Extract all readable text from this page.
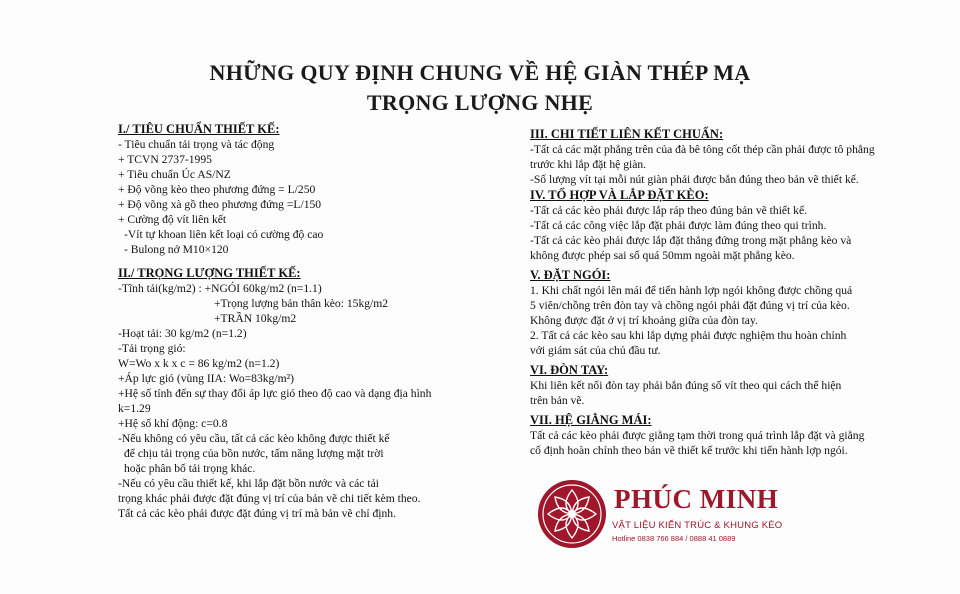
NHỮNG QUY ĐỊNH CHUNG VỀ HỆ GIÀN THÉP MẠ
TRỌNG LƯỢNG NHẸ
I./ TIÊU CHUẨN THIẾT KẾ:
- Tiêu chuẩn tải trọng và tác động
+ TCVN 2737-1995
+ Tiêu chuẩn Úc AS/NZ
+ Độ võng kèo theo phương đứng = L/250
+ Độ võng xà gồ theo phương đứng =L/150
+ Cường độ vít liên kết
-Vít tự khoan liên kết loại có cường độ cao
- Bulong nở M10×120
II./ TRỌNG LƯỢNG THIẾT KẾ:
-Tĩnh tải(kg/m2) : +NGÓI 60kg/m2 (n=1.1)
+Trọng lượng bản thân kèo: 15kg/m2
+TRẦN 10kg/m2
-Hoạt tải: 30 kg/m2 (n=1.2)
-Tải trọng gió:
W=Wo x k x c = 86 kg/m2 (n=1.2)
+Áp lực gió (vùng IIA: Wo=83kg/m²)
+Hệ số tính đến sự thay đổi áp lực gió theo độ cao và dạng địa hình
k=1.29
+Hệ số khí động: c=0.8
-Nếu không có yêu cầu, tất cả các kèo không được thiết kế
để chịu tải trọng của bồn nước, tấm năng lượng mặt trời
hoặc phân bố tải trọng khác.
-Nếu có yêu cầu thiết kế, khi lắp đặt bồn nước và các tải
trọng khác phải được đặt đúng vị trí của bản vẽ chi tiết kèm theo.
Tất cả các kèo phải được đặt đúng vị trí mà bản vẽ chỉ định.
III. CHI TIẾT LIÊN KẾT CHUẨN:
-Tất cả các mặt phẳng trên của đà bê tông cốt thép cần phải được tô phẳng
trước khi lắp đặt hệ giàn.
-Số lượng vít tại mỗi nút giàn phải được bắn đúng theo bản vẽ thiết kế.
IV. TỔ HỢP VÀ LẮP ĐẶT KÈO:
-Tất cả các kèo phải được lắp ráp theo đúng bản vẽ thiết kế.
-Tất cả các công việc lắp đặt phải được làm đúng theo qui trình.
-Tất cả các kèo phải được lắp đặt thẳng đứng trong mặt phẳng kèo và
không được phép sai số quá 50mm ngoài mặt phẳng kèo.
V. ĐẶT NGÓI:
1. Khi chất ngói lên mái để tiến hành lợp ngói không được chồng quá
5 viên/chồng trên đòn tay và chồng ngói phải đặt đúng vị trí của kèo.
Không được đặt ở vị trí khoảng giữa của đòn tay.
2. Tất cả các kèo sau khi lắp dựng phải được nghiệm thu hoàn chỉnh
với giám sát của chủ đầu tư.
VI. ĐÒN TAY:
Khi liên kết nối đòn tay phải bắn đúng số vít theo qui cách thể hiện
trên bản vẽ.
VII. HỆ GIẰNG MÁI:
Tất cả các kèo phải được giằng tạm thời trong quá trình lắp đặt và giằng
cố định hoàn chỉnh theo bản vẽ thiết kế trước khi tiến hành lợp ngói.
PHÚC MINH
VẬT LIỆU KIẾN TRÚC & KHUNG KÈO
Hotline 0838 766 884 / 0888 41 0889
